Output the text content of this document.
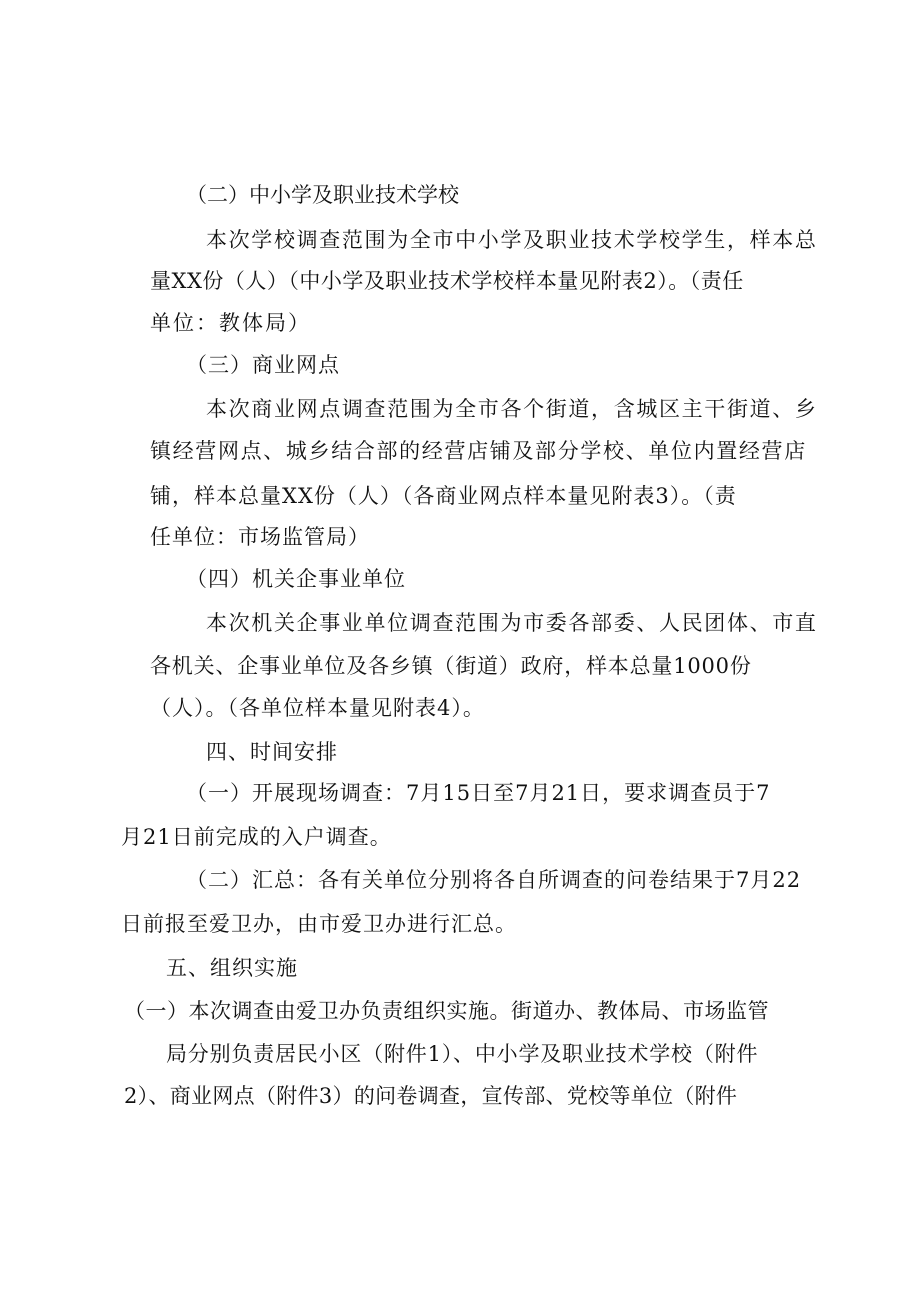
（二）中小学及职业技术学校
本次学校调查范围为全市中小学及职业技术学校学生，样本总
量XX份（人）（中小学及职业技术学校样本量见附表2）。（责任
单位：教体局）
（三）商业网点
本次商业网点调查范围为全市各个街道，含城区主干街道、乡
镇经营网点、城乡结合部的经营店铺及部分学校、单位内置经营店
铺，样本总量XX份（人）（各商业网点样本量见附表3）。（责
任单位：市场监管局）
（四）机关企事业单位
本次机关企事业单位调查范围为市委各部委、人民团体、市直
各机关、企事业单位及各乡镇（街道）政府，样本总量1000份
（人）。（各单位样本量见附表4）。
四、时间安排
（一）开展现场调查：7月15日至7月21日，要求调查员于7
月21日前完成的入户调查。
（二）汇总：各有关单位分别将各自所调查的问卷结果于7月22
日前报至爱卫办，由市爱卫办进行汇总。
五、组织实施
（一）本次调查由爱卫办负责组织实施。街道办、教体局、市场监管
局分别负责居民小区（附件1）、中小学及职业技术学校（附件
2）、商业网点（附件3）的问卷调查，宣传部、党校等单位（附件
